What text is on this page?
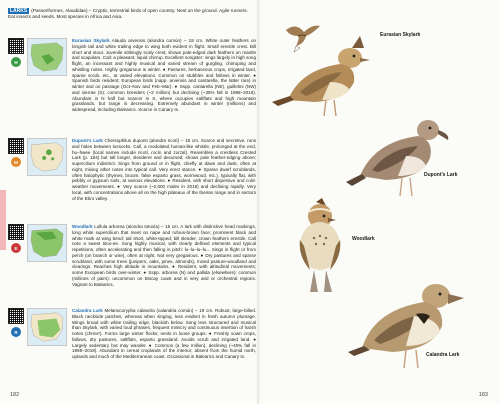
LARKS (Passeriformes, Alaudidae) – Cryptic, terrestrial birds of open country. Nest on the ground. Agile runners. Eat insects and seeds. Most species in Africa and Asia.
H
Eurasian Skylark Alauda arvensis (alondra común) – 18 cm. White outer feathers on longish tail and white trailing edge to wing both evident in flight. Small erectile crest. Bill short and stout. Juvenile strikingly scaly crest; shows pale-edged dark feathers on mantle and scapulars. Call: a pleasant, liquid chirrup. Excellent songster: sings largely in high song flight, an incessant and highly musical and varied stream of gurgling, chirruping and whistling notes. Highly gregarious in winter. ● Pastures, herbaceous crops, irrigated land, sparse scrub, etc., at varied elevations. Common on stubbles and fallows in winter. ● Spanish birds resident; European birds (napp. arvensis and cantarella, the latter rare) in winter and on passage (Oct–Nov and Feb–Mar). ● Sspp. cantarella (NE), guillelmi (NW) and sierrae (S); common breeders (~2 million) but declining (~35% fall in 1998–2018). Abundant in N half but scarcer in S, where occupies saltflats and high mountain grasslands, but range is decreasing. Extremely abundant in winter (millions) and widespread, including Balearics. Scarce in Canary Is.
M
Dupont's Lark Chersophilus duponti (alondra ricotí) – 18 cm. Scarce and secretive, runs and hides between tussocks. Call, a modulated human-like whistle, prolonged at the end, hu–hwee (local names include ricotí, rocín and zorzal). Resembles a crestless Crested Lark (p. 184) but tall longer, slenderer and decurved; shows pale feather-edging above; supercilium indistinct. Sings from ground or in flight, chiefly at dawn and dusk, often at night, mixing other notes into typical call. Very erect stance. ● Sparse dwarf scrublands, often halophytic (thymes, broom, false esparto grass, wormwood, etc.), typically flat, with pebbly or gypsum soils, at various elevations. ● Resident, with short dispersive and cold-weather movements. ● Very scarce (~2,000 males in 2018) and declining rapidly. Very local, with concentrations above all on the high plateaux of the Iberian range and in sectors of the Ebro valley.
E
Woodlark Lullula arborea (alondra totovía) – 15 cm. A lark with distinctive head markings, long white supercilium that meet on nape and rufous-brown face; prominent black and white mark at wing bend; tail short, white-tipped; bill slender, crown feathers erectile. Call note a sweet titoo-ee. Song highly musical, with clearly defined elements and typical repetitions, often accelerating and then falling in pitch: lu–lu–lu–lu... Sings in flight or from perch (on branch or wire), often at night. Not very gregarious. ● Dry pastures and sparse scrubland, with some trees (junipers, oaks, pines, almonds), mixed pasture-woodland and clearings. Reaches high altitude in mountains. ● Resident, with altitudinal movements; some European birds over-winter. ● Sspp. arborea (N) and pallida (elsewhere): common (millions of pairs): uncommon on Biscay coast and in very arid or orchestral regions. Vagrant to Balearics.
R
Calandra Lark Melanocorypha calandra (calandria común) – 19 cm. Robust, large-billed. Black neckside patches, whereas when singing, less evident in fresh autumn plumage. Wings broad with white trailing edge, blackish below. Song less structured and musical than Skylark, with varied loud phrases, frequent mimicry and continuous insertion of harsh notes (chrrerr). Forms large winter flocks; nests in loose groups. ● Freshly sown crops, fallows, dry pastures, saltflats, esparto grassland. Avoids scrub and irrigated land. ● Largely sedentary but may wander. ● Common (a few million), declining (~45% fall in 1998–2018). Abundant in cereal croplands of the interior; absent from the humid north, uplands and much of the Mediterranean coast. Occasional in Balearics and Canary Is.
182
Eurasian Skylark
Dupont's Lark
Woodlark
Calandra Lark
183
